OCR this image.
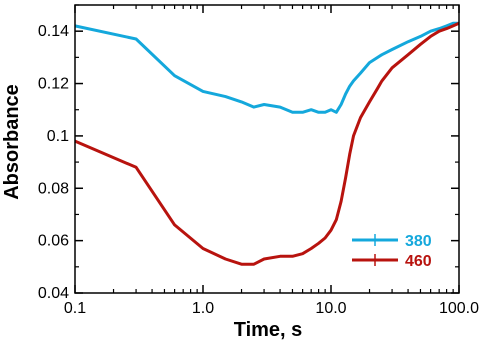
0.1	1.0	10.0	100.0
0.04
0.06
0.08
0.1
0.12
0.14
Time, s
Absorbance
380
460
